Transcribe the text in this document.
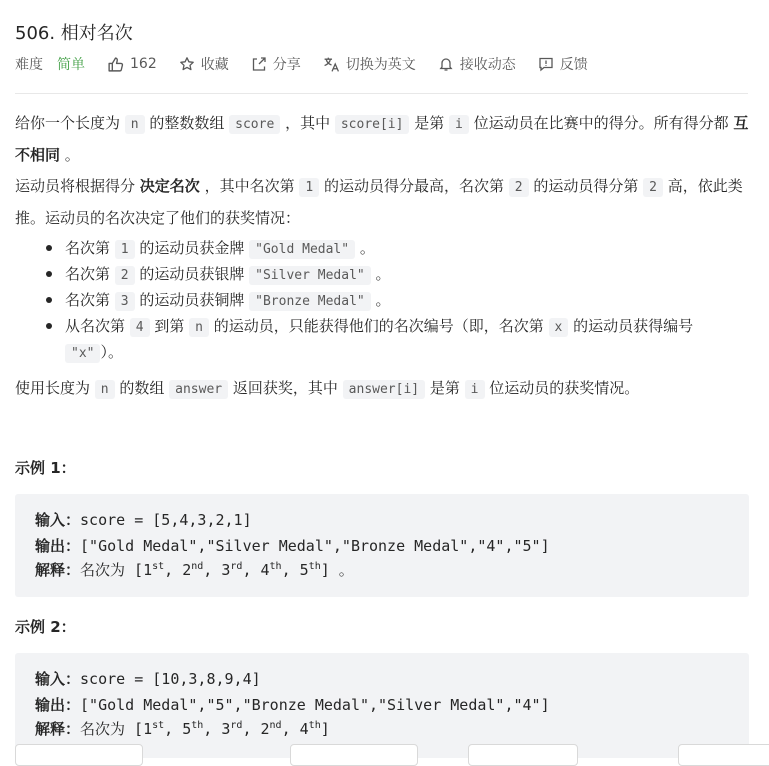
506. 相对名次
难度 简单	162	收藏	分享	切换为英文	接收动态	反馈
给你一个长度为 n 的整数数组 score ，其中 score[i] 是第 i 位运动员在比赛中的得分。所有得分都 互不相同 。
运动员将根据得分 决定名次 ，其中名次第 1 的运动员得分最高，名次第 2 的运动员得分第 2 高，依此类推。运动员的名次决定了他们的获奖情况：
名次第 1 的运动员获金牌 "Gold Medal" 。
名次第 2 的运动员获银牌 "Silver Medal" 。
名次第 3 的运动员获铜牌 "Bronze Medal" 。
从名次第 4 到第 n 的运动员，只能获得他们的名次编号（即，名次第 x 的运动员获得编号 "x" ）。
使用长度为 n 的数组 answer 返回获奖，其中 answer[i] 是第 i 位运动员的获奖情况。
示例 1：
输入：score = [5,4,3,2,1]
输出：["Gold Medal","Silver Medal","Bronze Medal","4","5"]
解释：名次为 [1st, 2nd, 3rd, 4th, 5th] 。
示例 2：
输入：score = [10,3,8,9,4]
输出：["Gold Medal","5","Bronze Medal","Silver Medal","4"]
解释：名次为 [1st, 5th, 3rd, 2nd, 4th]
